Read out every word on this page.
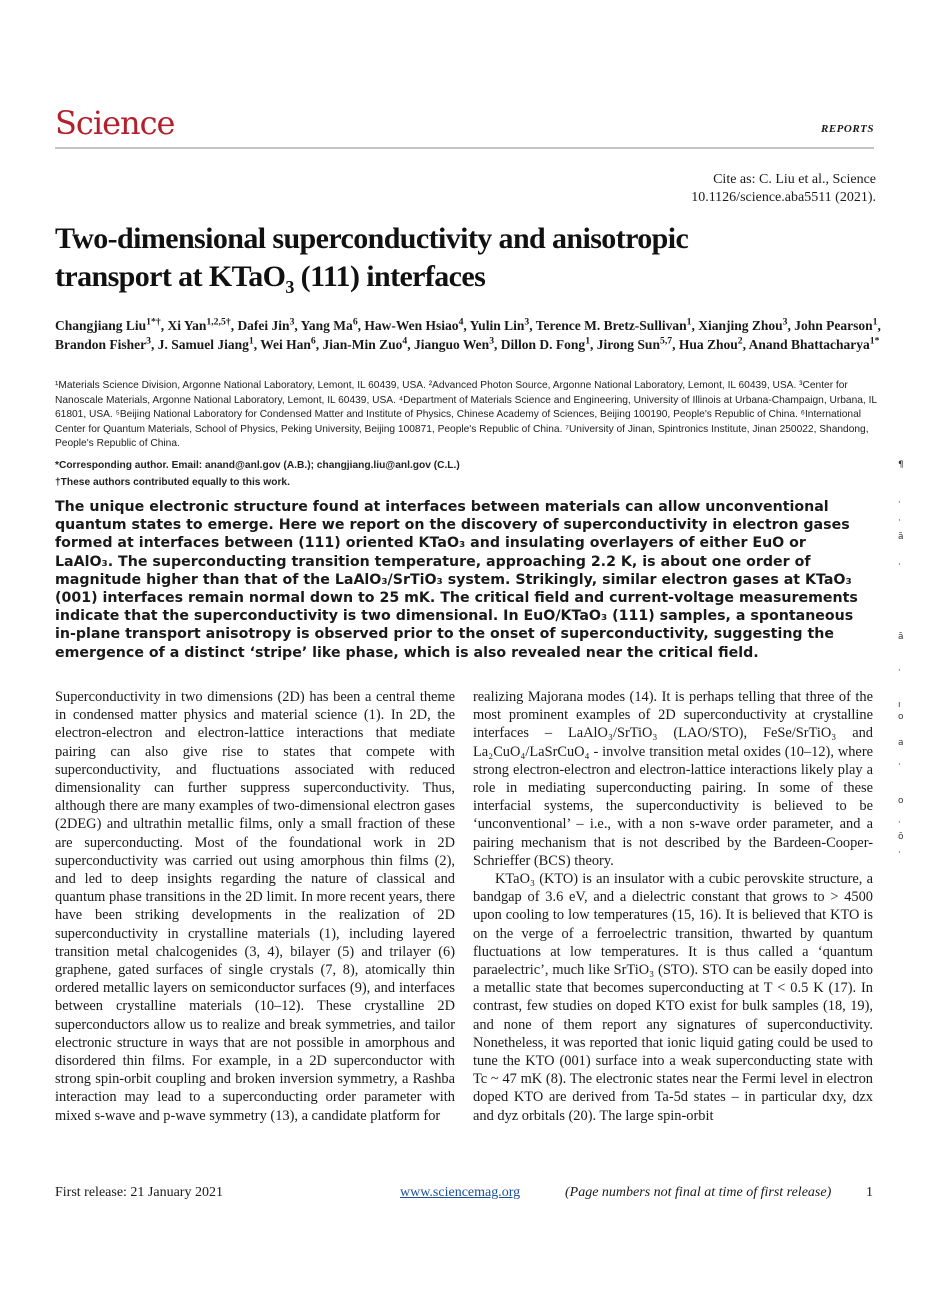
Science	REPORTS
Cite as: C. Liu et al., Science
10.1126/science.aba5511 (2021).
Two-dimensional superconductivity and anisotropic
transport at KTaO$_3$ (111) interfaces
Changjiang Liu$^{1*\dagger}$, Xi Yan$^{1,2,5\dagger}$, Dafei Jin$^3$, Yang Ma$^6$, Haw-Wen Hsiao$^4$, Yulin Lin$^3$, Terence M. Bretz-Sullivan$^1$, Xianjing Zhou$^3$, John Pearson$^1$, Brandon Fisher$^3$, J. Samuel Jiang$^1$, Wei Han$^6$, Jian-Min Zuo$^4$, Jianguo Wen$^3$, Dillon D. Fong$^1$, Jirong Sun$^{5,7}$, Hua Zhou$^2$, Anand Bhattacharya$^{1*}$
¹Materials Science Division, Argonne National Laboratory, Lemont, IL 60439, USA. ²Advanced Photon Source, Argonne National Laboratory, Lemont, IL 60439, USA. ³Center for Nanoscale Materials, Argonne National Laboratory, Lemont, IL 60439, USA. ⁴Department of Materials Science and Engineering, University of Illinois at Urbana-Champaign, Urbana, IL 61801, USA. ⁵Beijing National Laboratory for Condensed Matter and Institute of Physics, Chinese Academy of Sciences, Beijing 100190, People's Republic of China. ⁶International Center for Quantum Materials, School of Physics, Peking University, Beijing 100871, People's Republic of China. ⁷University of Jinan, Spintronics Institute, Jinan 250022, Shandong, People's Republic of China.
*Corresponding author. Email: anand@anl.gov (A.B.); changjiang.liu@anl.gov (C.L.)
†These authors contributed equally to this work.
The unique electronic structure found at interfaces between materials can allow unconventional quantum states to emerge. Here we report on the discovery of superconductivity in electron gases formed at interfaces between (111) oriented KTaO₃ and insulating overlayers of either EuO or LaAlO₃. The superconducting transition temperature, approaching 2.2 K, is about one order of magnitude higher than that of the LaAlO₃/SrTiO₃ system. Strikingly, similar electron gases at KTaO₃ (001) interfaces remain normal down to 25 mK. The critical field and current-voltage measurements indicate that the superconductivity is two dimensional. In EuO/KTaO₃ (111) samples, a spontaneous in-plane transport anisotropy is observed prior to the onset of superconductivity, suggesting the emergence of a distinct ‘stripe’ like phase, which is also revealed near the critical field.

Superconductivity in two dimensions (2D) has been a central theme in condensed matter physics and material science (1). In 2D, the electron-electron and electron-lattice interactions that mediate pairing can also give rise to states that compete with superconductivity, and fluctuations associated with reduced dimensionality can further suppress superconductivity. Thus, although there are many examples of two-dimensional electron gases (2DEG) and ultrathin metallic films, only a small fraction of these are superconducting. Most of the foundational work in 2D superconductivity was carried out using amorphous thin films (2), and led to deep insights regarding the nature of classical and quantum phase transitions in the 2D limit. In more recent years, there have been striking developments in the realization of 2D superconductivity in crystalline materials (1), including layered transition metal chalcogenides (3, 4), bilayer (5) and trilayer (6) graphene, gated surfaces of single crystals (7, 8), atomically thin ordered metallic layers on semiconductor surfaces (9), and interfaces between crystalline materials (10–12). These crystalline 2D superconductors allow us to realize and break symmetries, and tailor electronic structure in ways that are not possible in amorphous and disordered thin films. For example, in a 2D superconductor with strong spin-orbit coupling and broken inversion symmetry, a Rashba interaction may lead to a superconducting order parameter with mixed s-wave and p-wave symmetry (13), a candidate platform for

realizing Majorana modes (14). It is perhaps telling that three of the most prominent examples of 2D superconductivity at crystalline interfaces – LaAlO₃/SrTiO₃ (LAO/STO), FeSe/SrTiO₃ and La₂CuO₄/LaSrCuO₄ - involve transition metal oxides (10–12), where strong electron-electron and electron-lattice interactions likely play a role in mediating superconducting pairing. In some of these interfacial systems, the superconductivity is believed to be ‘unconventional’ – i.e., with a non s-wave order parameter, and a pairing mechanism that is not described by the Bardeen-Cooper-Schrieffer (BCS) theory.

KTaO₃ (KTO) is an insulator with a cubic perovskite structure, a bandgap of 3.6 eV, and a dielectric constant that grows to > 4500 upon cooling to low temperatures (15, 16). It is believed that KTO is on the verge of a ferroelectric transition, thwarted by quantum fluctuations at low temperatures. It is thus called a ‘quantum paraelectric’, much like SrTiO₃ (STO). STO can be easily doped into a metallic state that becomes superconducting at T < 0.5 K (17). In contrast, few studies on doped KTO exist for bulk samples (18, 19), and none of them report any signatures of superconductivity. Nonetheless, it was reported that ionic liquid gating could be used to tune the KTO (001) surface into a weak superconducting state with Tc ~ 47 mK (8). The electronic states near the Fermi level in electron doped KTO are derived from Ta-5d states – in particular dxy, dzx and dyz orbitals (20). The large spin-orbit

First release: 21 January 2021	www.sciencemag.org	(Page numbers not final at time of first release) 1
¶
·
·
ā
·
ā
·
ı
o
a
·
o
·
ō
·
